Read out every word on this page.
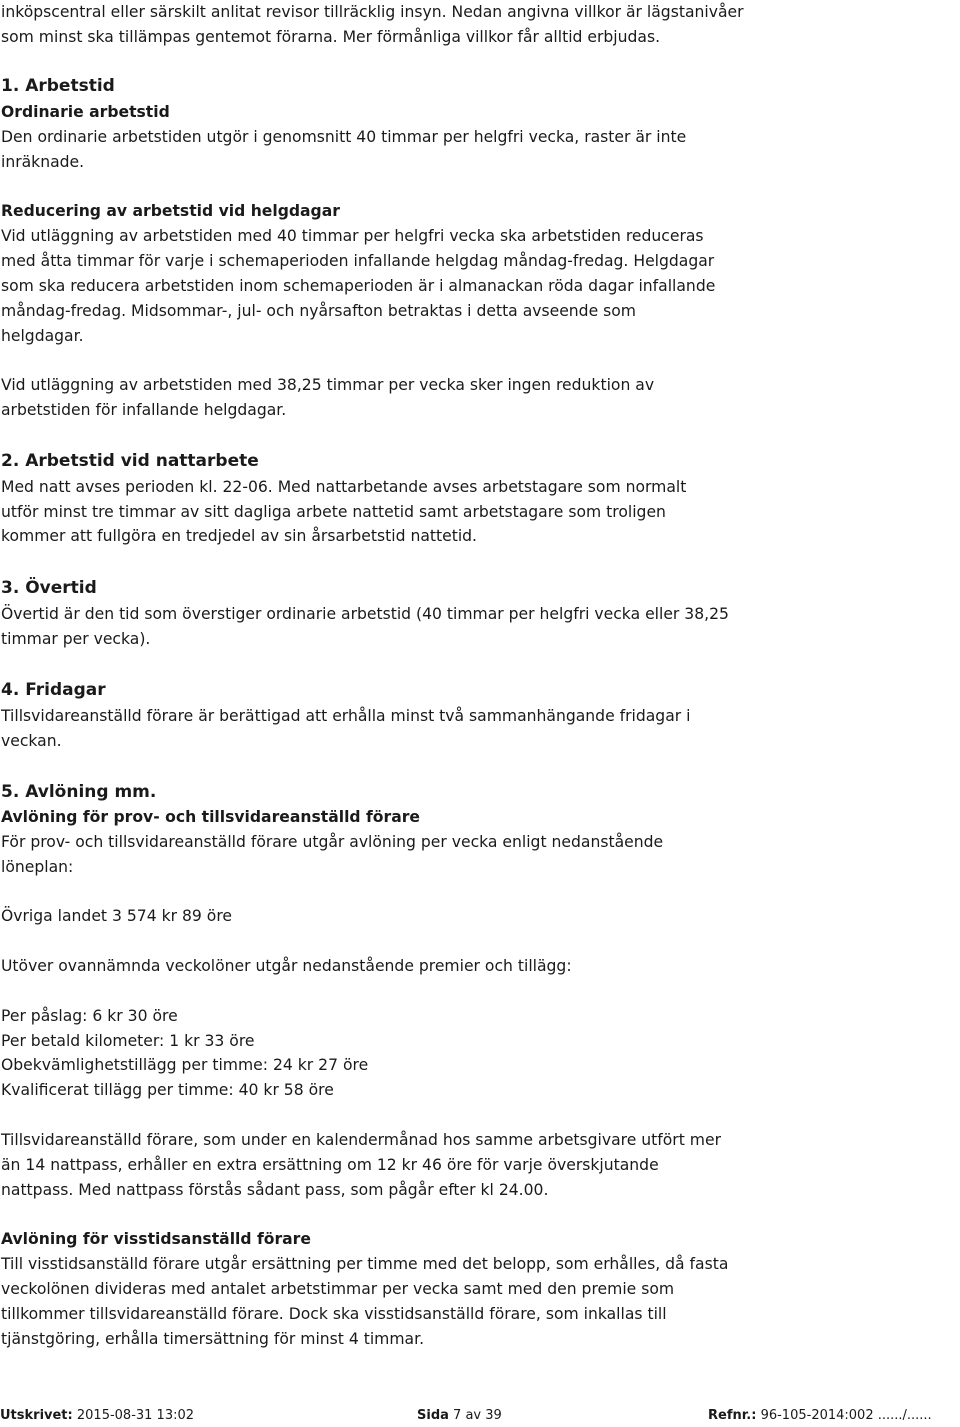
inköpscentral eller särskilt anlitat revisor tillräcklig insyn. Nedan angivna villkor är lägstanivåer

som minst ska tillämpas gentemot förarna. Mer förmånliga villkor får alltid erbjudas.

1. Arbetstid

Ordinarie arbetstid

Den ordinarie arbetstiden utgör i genomsnitt 40 timmar per helgfri vecka, raster är inte

inräknade.

Reducering av arbetstid vid helgdagar

Vid utläggning av arbetstiden med 40 timmar per helgfri vecka ska arbetstiden reduceras

med åtta timmar för varje i schemaperioden infallande helgdag måndag-fredag. Helgdagar

som ska reducera arbetstiden inom schemaperioden är i almanackan röda dagar infallande

måndag-fredag. Midsommar-, jul- och nyårsafton betraktas i detta avseende som

helgdagar.

Vid utläggning av arbetstiden med 38,25 timmar per vecka sker ingen reduktion av

arbetstiden för infallande helgdagar.

2. Arbetstid vid nattarbete

Med natt avses perioden kl. 22-06. Med nattarbetande avses arbetstagare som normalt

utför minst tre timmar av sitt dagliga arbete nattetid samt arbetstagare som troligen

kommer att fullgöra en tredjedel av sin årsarbetstid nattetid.

3. Övertid

Övertid är den tid som överstiger ordinarie arbetstid (40 timmar per helgfri vecka eller 38,25

timmar per vecka).

4. Fridagar

Tillsvidareanställd förare är berättigad att erhålla minst två sammanhängande fridagar i

veckan.

5. Avlöning mm.

Avlöning för prov- och tillsvidareanställd förare

För prov- och tillsvidareanställd förare utgår avlöning per vecka enligt nedanstående

löneplan:

Övriga landet 3 574 kr 89 öre

Utöver ovannämnda veckolöner utgår nedanstående premier och tillägg:

Per påslag: 6 kr 30 öre

Per betald kilometer: 1 kr 33 öre

Obekvämlighetstillägg per timme: 24 kr 27 öre

Kvalificerat tillägg per timme: 40 kr 58 öre

Tillsvidareanställd förare, som under en kalendermånad hos samme arbetsgivare utfört mer

än 14 nattpass, erhåller en extra ersättning om 12 kr 46 öre för varje överskjutande

nattpass. Med nattpass förstås sådant pass, som pågår efter kl 24.00.

Avlöning för visstidsanställd förare

Till visstidsanställd förare utgår ersättning per timme med det belopp, som erhålles, då fasta

veckolönen divideras med antalet arbetstimmar per vecka samt med den premie som

tillkommer tillsvidareanställd förare. Dock ska visstidsanställd förare, som inkallas till

tjänstgöring, erhålla timersättning för minst 4 timmar.

Utskrivet: 2015-08-31 13:02	Sida 7 av 39	Refnr.: 96-105-2014:002 ....../......
